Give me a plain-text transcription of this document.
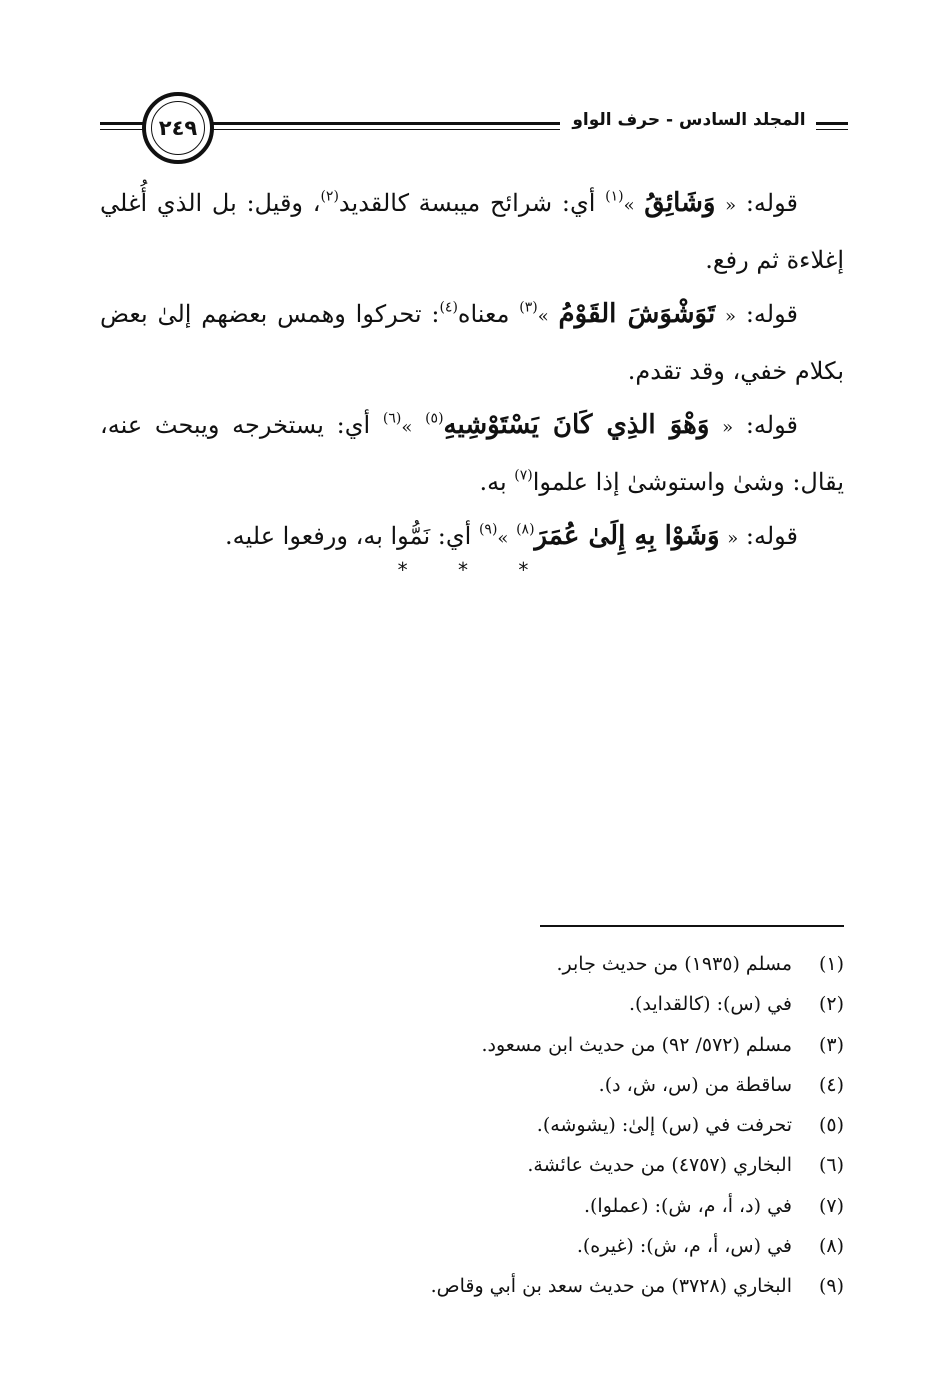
٢٤٩	المجلد السادس - حرف الواو

قوله: « وَشَائِقُ »$^{(١)}$ أي: شرائح ميبسة كالقديد$^{(٢)}$، وقيل: بل الذي أُغلي إغلاءة ثم رفع.

قوله: « تَوَشْوَشَ القَوْمُ »$^{(٣)}$ معناه$^{(٤)}$: تحركوا وهمس بعضهم إلىٰ بعض بكلام خفي، وقد تقدم.

قوله: « وَهْوَ الذِي كَانَ يَسْتَوْشِيهِ$^{(٥)}$ »$^{(٦)}$ أي: يستخرجه ويبحث عنه، يقال: وشىٰ واستوشىٰ إذا علموا$^{(٧)}$ به.

قوله: « وَشَوْا بِهِ إِلَىٰ عُمَرَ$^{(٨)}$ »$^{(٩)}$ أي: نَمُّوا به، ورفعوا عليه.

* * *
(١)
مسلم (١٩٣٥) من حديث جابر.
(٢)
في (س): (كالقدايد).
(٣)
مسلم (٥٧٢/ ٩٢) من حديث ابن مسعود.
(٤)
ساقطة من (س، ش، د).
(٥)
تحرفت في (س) إلىٰ: (يشوشه).
(٦)
البخاري (٤٧٥٧) من حديث عائشة.
(٧)
في (د، أ، م، ش): (عملوا).
(٨)
في (س، أ، م، ش): (غيره).
(٩)
البخاري (٣٧٢٨) من حديث سعد بن أبي وقاص.
